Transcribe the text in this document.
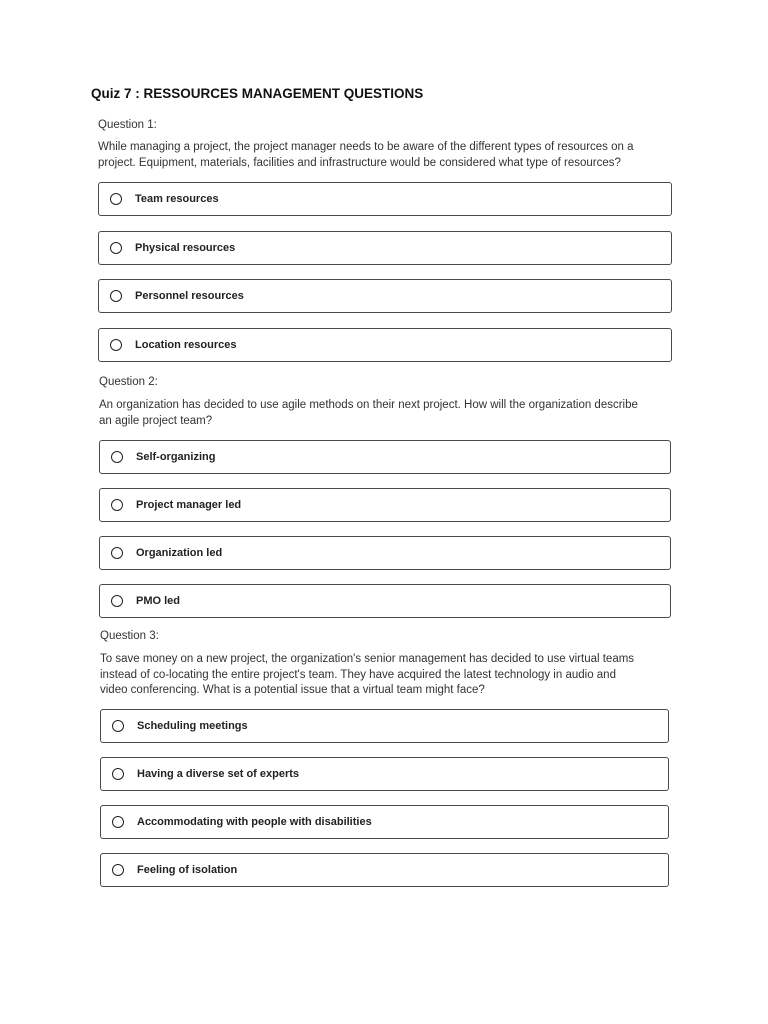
Quiz 7 : RESSOURCES MANAGEMENT QUESTIONS
Question 1:
While managing a project, the project manager needs to be aware of the different types of resources on a
project. Equipment, materials, facilities and infrastructure would be considered what type of resources?
Team resources
Physical resources
Personnel resources
Location resources
Question 2:
An organization has decided to use agile methods on their next project. How will the organization describe
an agile project team?
Self-organizing
Project manager led
Organization led
PMO led
Question 3:
To save money on a new project, the organization's senior management has decided to use virtual teams
instead of co-locating the entire project's team. They have acquired the latest technology in audio and
video conferencing. What is a potential issue that a virtual team might face?
Scheduling meetings
Having a diverse set of experts
Accommodating with people with disabilities
Feeling of isolation
